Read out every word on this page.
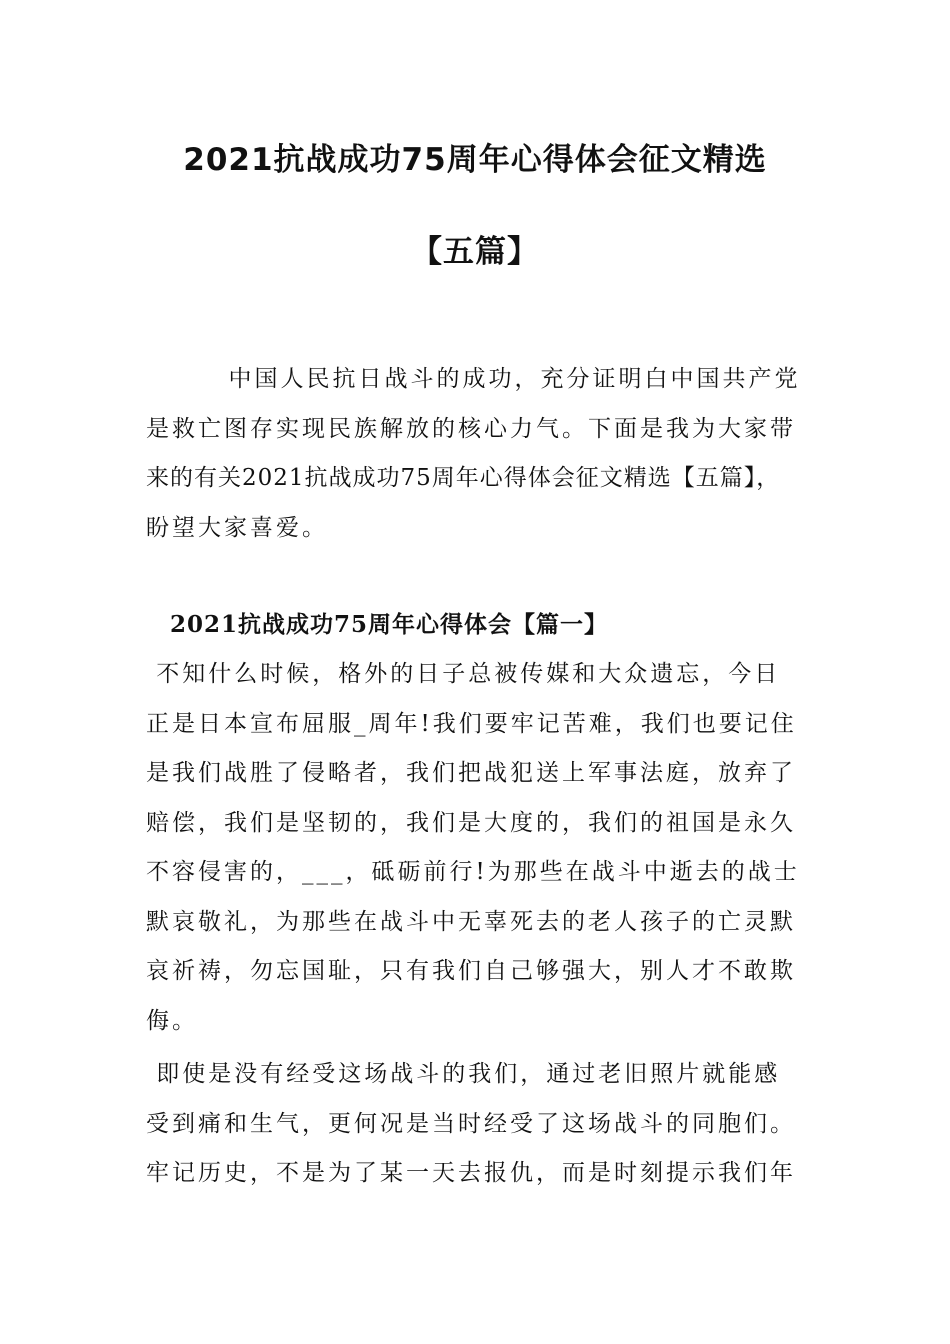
2021抗战成功75周年心得体会征文精选
【五篇】
中国人民抗日战斗的成功，充分证明白中国共产党
是救亡图存实现民族解放的核心力气。下面是我为大家带
来的有关2021抗战成功75周年心得体会征文精选【五篇】，
盼望大家喜爱。
2021抗战成功75周年心得体会【篇一】
不知什么时候，格外的日子总被传媒和大众遗忘，今日
正是日本宣布屈服_周年!我们要牢记苦难，我们也要记住
是我们战胜了侵略者，我们把战犯送上军事法庭，放弃了
赔偿，我们是坚韧的，我们是大度的，我们的祖国是永久
不容侵害的，___，砥砺前行!为那些在战斗中逝去的战士
默哀敬礼，为那些在战斗中无辜死去的老人孩子的亡灵默
哀祈祷，勿忘国耻，只有我们自己够强大，别人才不敢欺
侮。
即使是没有经受这场战斗的我们，通过老旧照片就能感
受到痛和生气，更何况是当时经受了这场战斗的同胞们。
牢记历史，不是为了某一天去报仇，而是时刻提示我们年
